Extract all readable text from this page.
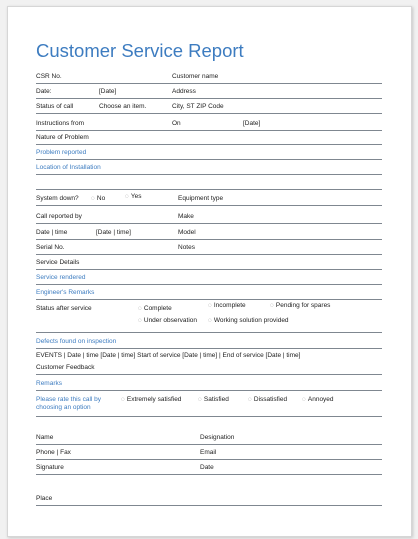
Customer Service Report
CSR No.	Customer name
Date:	[Date]	Address
Status of call	Choose an item.	City, ST ZIP Code
Instructions from	On	[Date]
Nature of Problem
Problem reported
Location of Installation
System down? ◌ No	◌ Yes	Equipment type
Call reported by	Make
Date | time	[Date | time]	Model
Serial No.	Notes
Service Details
Service rendered
Engineer's Remarks
Status after service	◌ Complete	◌ Incomplete	◌ Pending for spares
◌ Under observation ◌ Working solution provided
Defects found on inspection
EVENTS | Date | time [Date | time] Start of service [Date | time] | End of service [Date | time]
Customer Feedback
Remarks
Please rate this call by
choosing an option
◌ Extremely satisfied	◌ Satisfied	◌ Dissatisfied ◌ Annoyed
Name	Designation
Phone | Fax	Email
Signature	Date
Place
